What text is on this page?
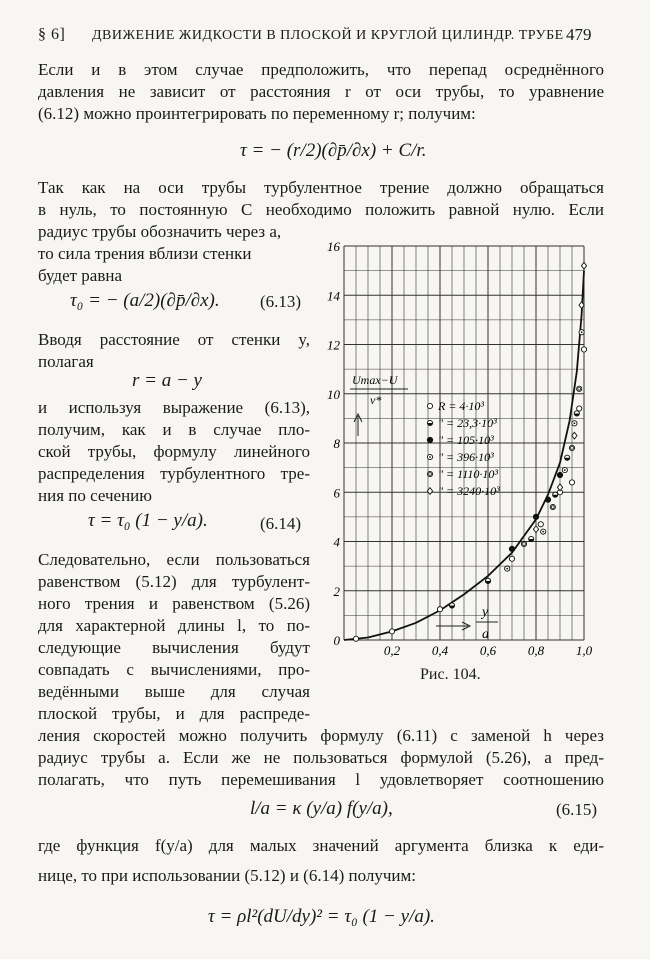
§ 6] ДВИЖЕНИЕ ЖИДКОСТИ В ПЛОСКОЙ И КРУГЛОЙ ЦИЛИНДР. ТРУБЕ 479
Если и в этом случае предположить, что перепад осреднённого
давления не зависит от расстояния r от оси трубы, то уравнение
(6.12) можно проинтегрировать по переменному r; получим:
τ = − (r/2)(∂p̄/∂x) + C/r.
Так как на оси трубы турбулентное трение должно обращаться
в нуль, то постоянную C необходимо положить равной нулю. Если
радиус трубы обозначить через a,
то сила трения вблизи стенки
будет равна
τ₀ = − (a/2)(∂p̄/∂x). (6.13)
Вводя расстояние от стенки y,
полагая
r = a − y
и используя выражение (6.13),
получим, как и в случае пло-
ской трубы, формулу линейного
распределения турбулентного тре-
ния по сечению
τ = τ₀ (1 − y/a).	(6.14)
Следовательно, если пользоваться
равенством (5.12) для турбулент-
ного трения и равенством (5.26)
для характерной длины l, то по-
следующие вычисления будут
совпадать с вычислениями, про-
ведёнными выше для случая
плоской трубы, и для распреде-
0
2
4
6
8
10
12
14
16
0,2 0,4 0,6 0,8 1,0
Umax−U
v*
y
a
R = 4·10³
" = 23,3·10³
" = 105·10³
" = 396·10³
" = 1110·10³
" = 3240·10³
Рис. 104.
ления скоростей можно получить формулу (6.11) с заменой h через
радиус трубы a. Если же не пользоваться формулой (5.26), а пред-
полагать, что путь перемешивания l удовлетворяет соотношению
l/a = κ (y/a) f(y/a),	(6.15)
где функция f(y/a) для малых значений аргумента близка к еди-
нице, то при использовании (5.12) и (6.14) получим:
τ = ρl²(dU/dy)² = τ₀ (1 − y/a).
